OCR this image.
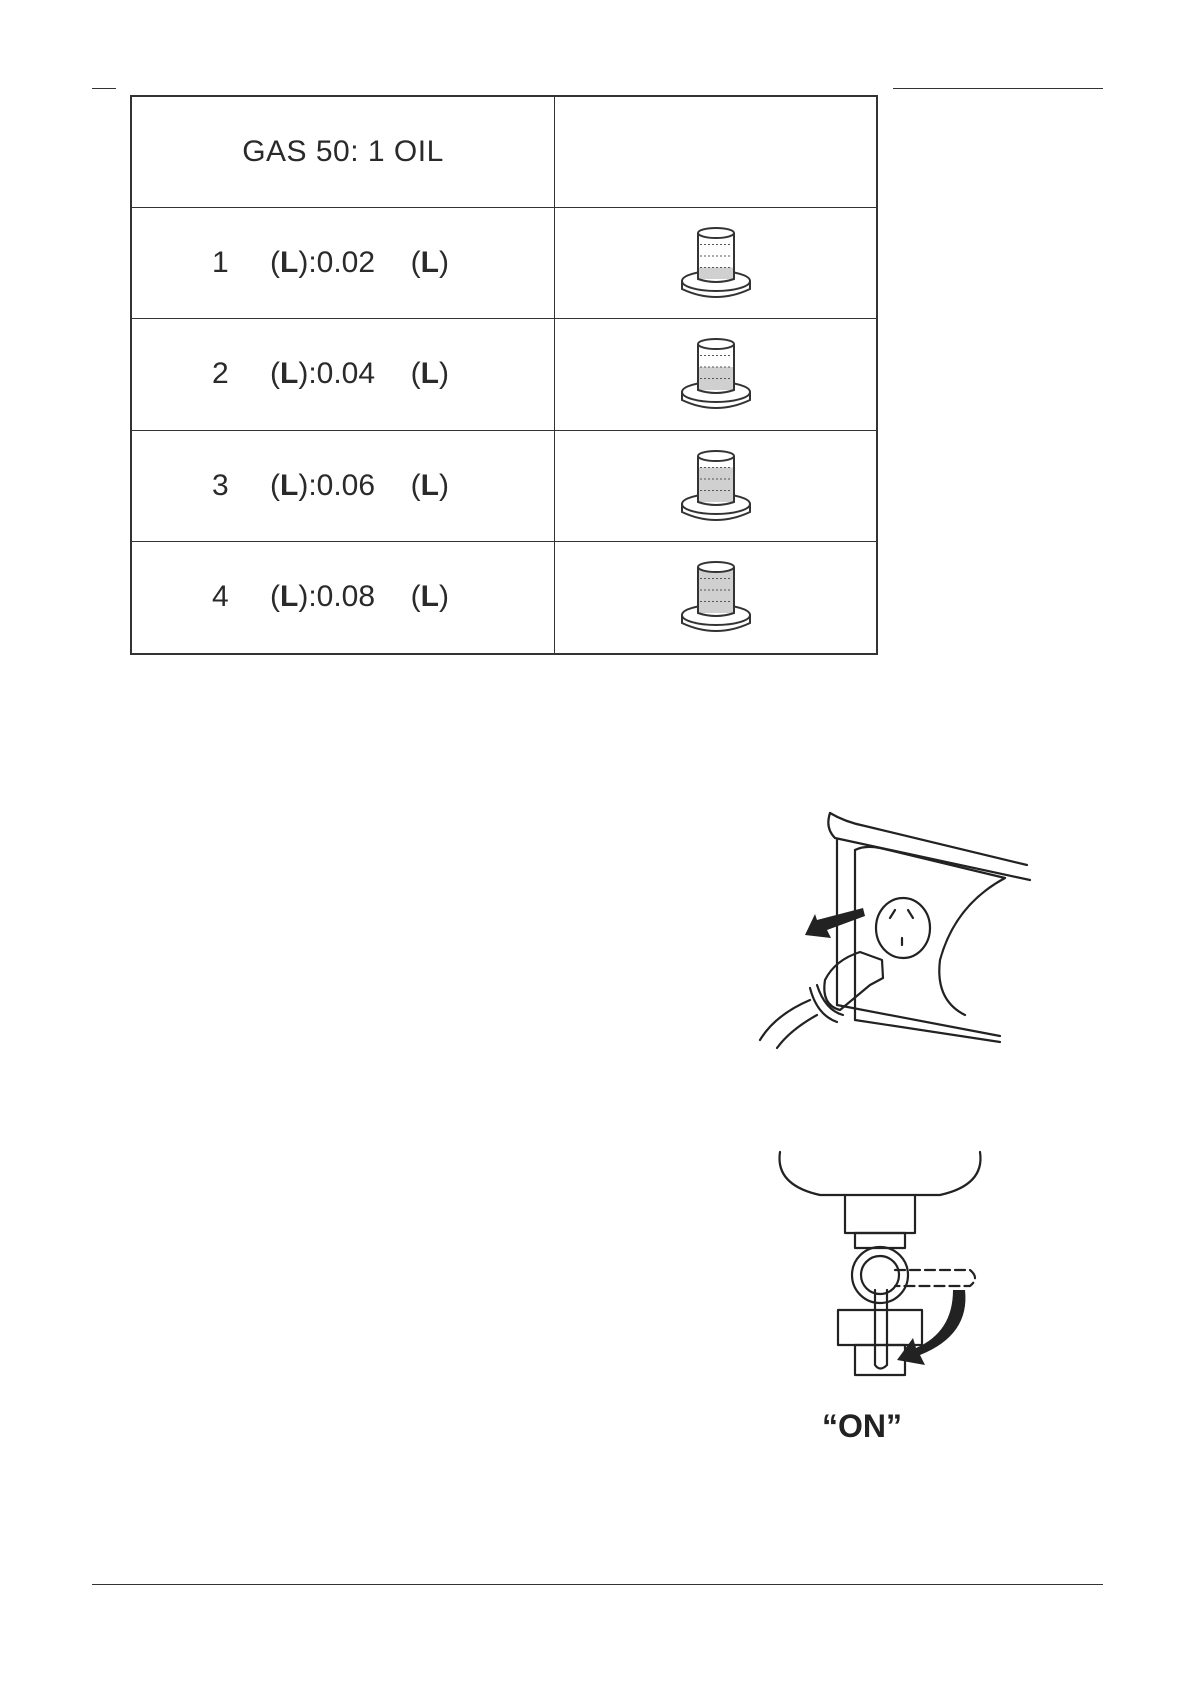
GAS 50: 1 OIL
1 (L):0.02 (L)
2 (L):0.04 (L)
3 (L):0.06 (L)
4 (L):0.08 (L)
“ON”
